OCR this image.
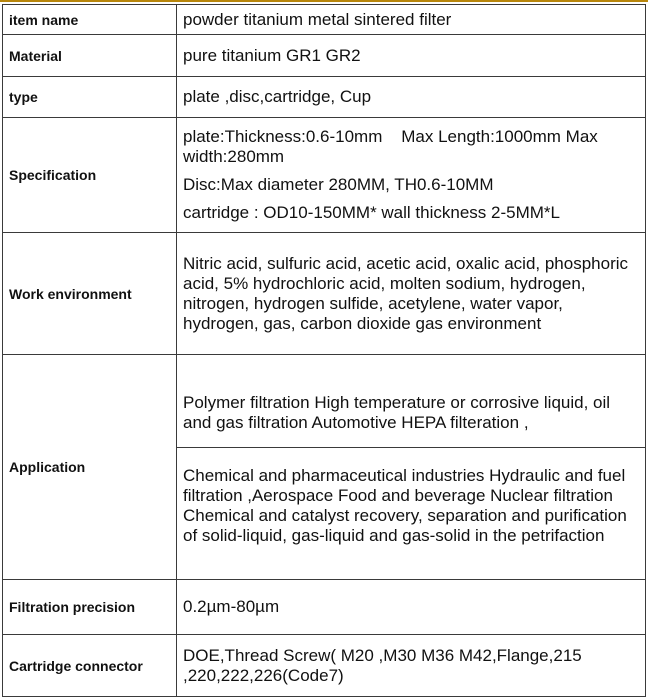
item name	powder titanium metal sintered filter
Material	pure titanium GR1 GR2
type	plate ,disc,cartridge, Cup
Specification	plate:Thickness:0.6-10mm    Max Length:1000mm Max width:280mm

Disc:Max diameter 280MM, TH0.6-10MM

cartridge : OD10-150MM* wall thickness 2-5MM*L

Work environment	Nitric acid, sulfuric acid, acetic acid, oxalic acid, phosphoric acid, 5% hydrochloric acid, molten sodium, hydrogen, nitrogen, hydrogen sulfide, acetylene, water vapor, hydrogen, gas, carbon dioxide gas environment
Application	Polymer filtration High temperature or corrosive liquid, oil and gas filtration Automotive HEPA filteration ,

Chemical and pharmaceutical industries Hydraulic and fuel filtration ,Aerospace Food and beverage Nuclear filtration Chemical and catalyst recovery, separation and purification of solid-liquid, gas-liquid and gas-solid in the petrifaction

Filtration precision	0.2µm-80µm
Cartridge connector	DOE,Thread Screw( M20 ,M30 M36 M42,Flange,215 ,220,222,226(Code7)
